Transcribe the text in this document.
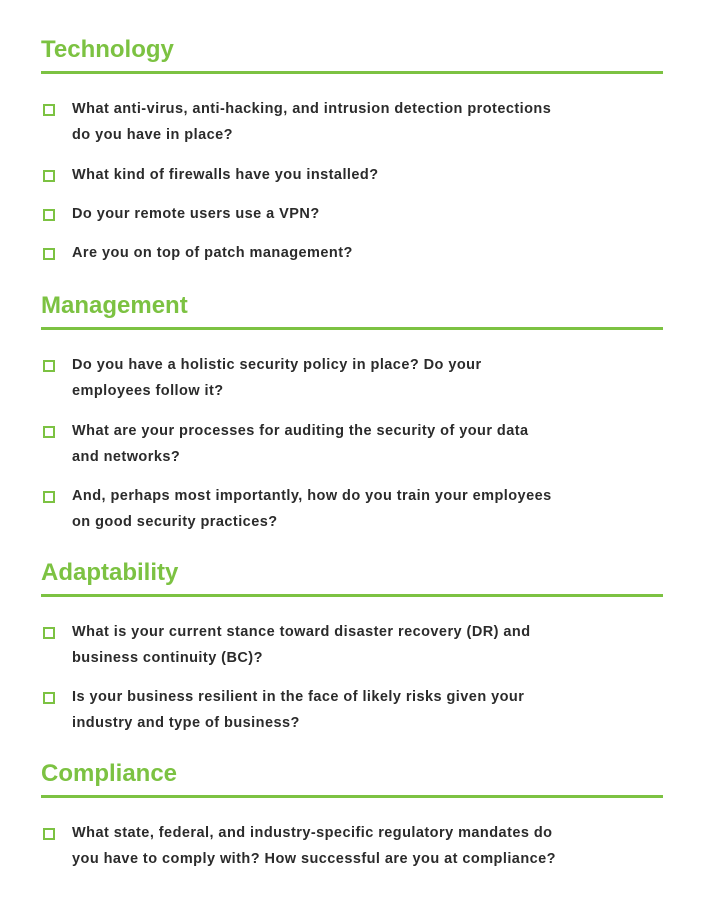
Technology
What anti-virus, anti-hacking, and intrusion detection protections
do you have in place?
What kind of firewalls have you installed?
Do your remote users use a VPN?
Are you on top of patch management?
Management
Do you have a holistic security policy in place? Do your
employees follow it?
What are your processes for auditing the security of your data
and networks?
And, perhaps most importantly, how do you train your employees
on good security practices?
Adaptability
What is your current stance toward disaster recovery (DR) and
business continuity (BC)?
Is your business resilient in the face of likely risks given your
industry and type of business?
Compliance
What state, federal, and industry-specific regulatory mandates do
you have to comply with? How successful are you at compliance?
